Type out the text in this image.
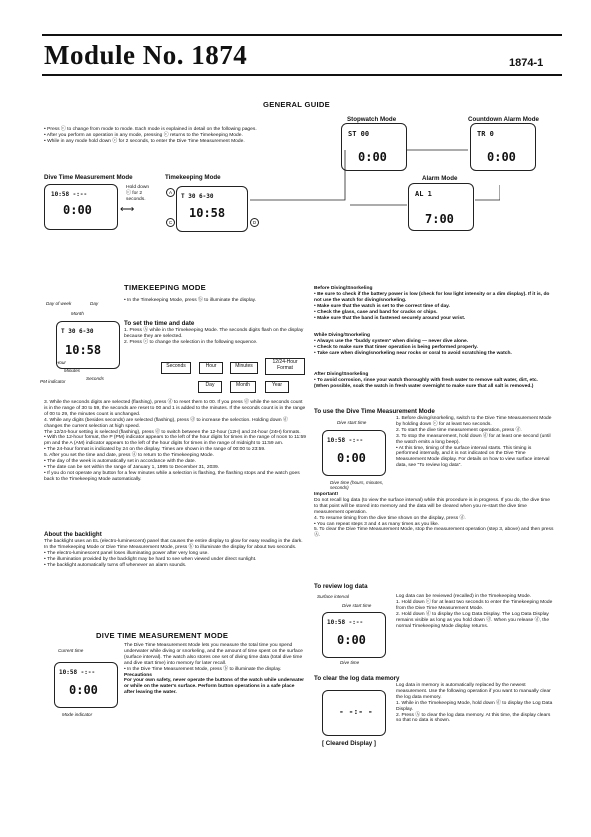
Module No. 1874	1874-1
GENERAL GUIDE

• Press ⓒ to change from mode to mode. Each mode is explained in detail on the following pages.

• After you perform an operation in any mode, pressing ⓒ returns to the Timekeeping Mode.

• While in any mode hold down ⓒ for 2 seconds, to enter the Dive Time Measurement Mode.

Dive Time Measurement Mode	Timekeeping Mode
Stopwatch Mode	Countdown Alarm Mode
Alarm Mode
Hold down ⓒ for 2 seconds.
10:58 -:--
0:00	⟷
T 30 6-30
10:58
A
C	D
ST 00
0:00
TR 0
0:00
AL 1
7:00
TIMEKEEPING MODE
Day of week	Day
Month
T 30 6-30
10:58
Hour
Minutes
Seconds
PM indicator
• In the Timekeeping Mode, press ⓑ to illuminate the display.
To set the time and date

1. Press Ⓐ while in the Timekeeping Mode. The seconds digits flash on the display because they are selected.

2. Press ⓒ to change the selection in the following sequence.

Seconds	Hour	Minutes
12/24-Hour Format
Day	Month	Year

3. While the seconds digits are selected (flashing), press ⓓ to reset them to 00. If you press ⓓ while the seconds count is in the range of 30 to 59, the seconds are reset to 00 and 1 is added to the minutes. If the seconds count is in the range of 00 to 29, the minutes count is unchanged.

4. While any digits (besides seconds) are selected (flashing), press ⓓ to increase the selection. Holding down ⓓ changes the current selection at high speed.

The 12/24-hour setting is selected (flashing), press ⓓ to switch between the 12-hour (12H) and 24-hour (24H) formats.

• With the 12-hour format, the P (PM) indicator appears to the left of the hour digits for times in the range of noon to 11:59 pm and the A (AM) indicator appears to the left of the hour digits for times in the range of midnight to 11:59 am.

• The 24-hour format is indicated by 24 on the display. Times are shown in the range of 00:00 to 23:59.

5. After you set the time and date, press Ⓐ to return to the Timekeeping Mode.

• The day of the week is automatically set in accordance with the date.

• The date can be set within the range of January 1, 1995 to December 31, 2039.

• If you do not operate any button for a few minutes while a selection is flashing, the flashing stops and the watch goes back to the Timekeeping Mode automatically.

About the backlight

The backlight uses an EL (electro-luminescent) panel that causes the entire display to glow for easy reading in the dark. In the Timekeeping Mode or Dive Time Measurement Mode, press ⓑ to illuminate the display for about two seconds.

• The electro-luminescent panel loses illuminating power after very long use.

• The illumination provided by the backlight may be hard to see when viewed under direct sunlight.

• The backlight automatically turns off whenever an alarm sounds.

DIVE TIME MEASUREMENT MODE
Current time
10:58 -:--
0:00
Mode indicator

The Dive Time Measurement Mode lets you measure the total time you spend underwater while diving or snorkeling, and the amount of time spent on the surface (surface interval). The watch also stores one set of diving time data (total dive time and dive start time) into memory for later recall.

• In the Dive Time Measurement Mode, press ⓑ to illuminate the display.

Precautions

For your own safety, never operate the buttons of the watch while underwater or while on the water's surface. Perform button operations in a safe place after leaving the water.

Before Diving/Snorkeling

• Be sure to check if the battery power is low (check for low light intensity or a dim display). If it is, do not use the watch for diving/snorkeling.

• Make sure that the watch is set to the correct time of day.

• Check the glass, case and band for cracks or chips.

• Make sure that the band is fastened securely around your wrist.

While Diving/Snorkeling

• Always use the "buddy system" when diving — never dive alone.

• Check to make sure that timer operation is being performed properly.

• Take care when diving/snorkeling near rocks or coral to avoid scratching the watch.

After Diving/Snorkeling

• To avoid corrosion, rinse your watch thoroughly with fresh water to remove salt water, dirt, etc. (When possible, soak the watch in fresh water overnight to make sure that all salt is removed.)

To use the Dive Time Measurement Mode
Dive start time
10:58 -:--
0:00
Dive time (hours, minutes, seconds)

1. Before diving/snorkeling, switch to the Dive Time Measurement Mode by holding down ⓒ for at least two seconds.

2. To start the dive time measurement operation, press ⓓ.

3. To stop the measurement, hold down ⓓ for at least one second (until the watch emits a long beep).

• At this time, timing of the surface interval starts. This timing is performed internally, and it is not indicated on the Dive Time Measurement Mode display. For details on how to view surface interval data, see "To review log data".

Important!

Do not recall log data (to view the surface interval) while this procedure is in progress. If you do, the dive time to that point will be stored into memory and the data will be cleared when you re-start the dive time measurement operation.

4. To resume timing from the dive time shown on the display, press ⓓ.

• You can repeat steps 3 and 4 as many times as you like.

5. To clear the Dive Time Measurement Mode, stop the measurement operation (step 3, above) and then press Ⓐ.

To review log data
Surface interval
Dive start time
10:58 -:--
0:00
Dive time

Log data can be reviewed (recalled) in the Timekeeping Mode.

1. Hold down ⓒ for at least two seconds to enter the Timekeeping Mode from the Dive Time Measurement Mode.

2. Hold down ⓓ to display the Log Data Display. The Log Data Display remains visible as long as you hold down ⓓ. When you release ⓓ, the normal Timekeeping Mode display returns.

To clear the log data memory
- -:- -
[ Cleared Display ]

Log data in memory is automatically replaced by the newest measurement. Use the following operation if you want to manually clear the log data memory.

1. While in the Timekeeping Mode, hold down ⓓ to display the Log Data Display.

2. Press Ⓐ to clear the log data memory. At this time, the display clears so that no data is shown.
